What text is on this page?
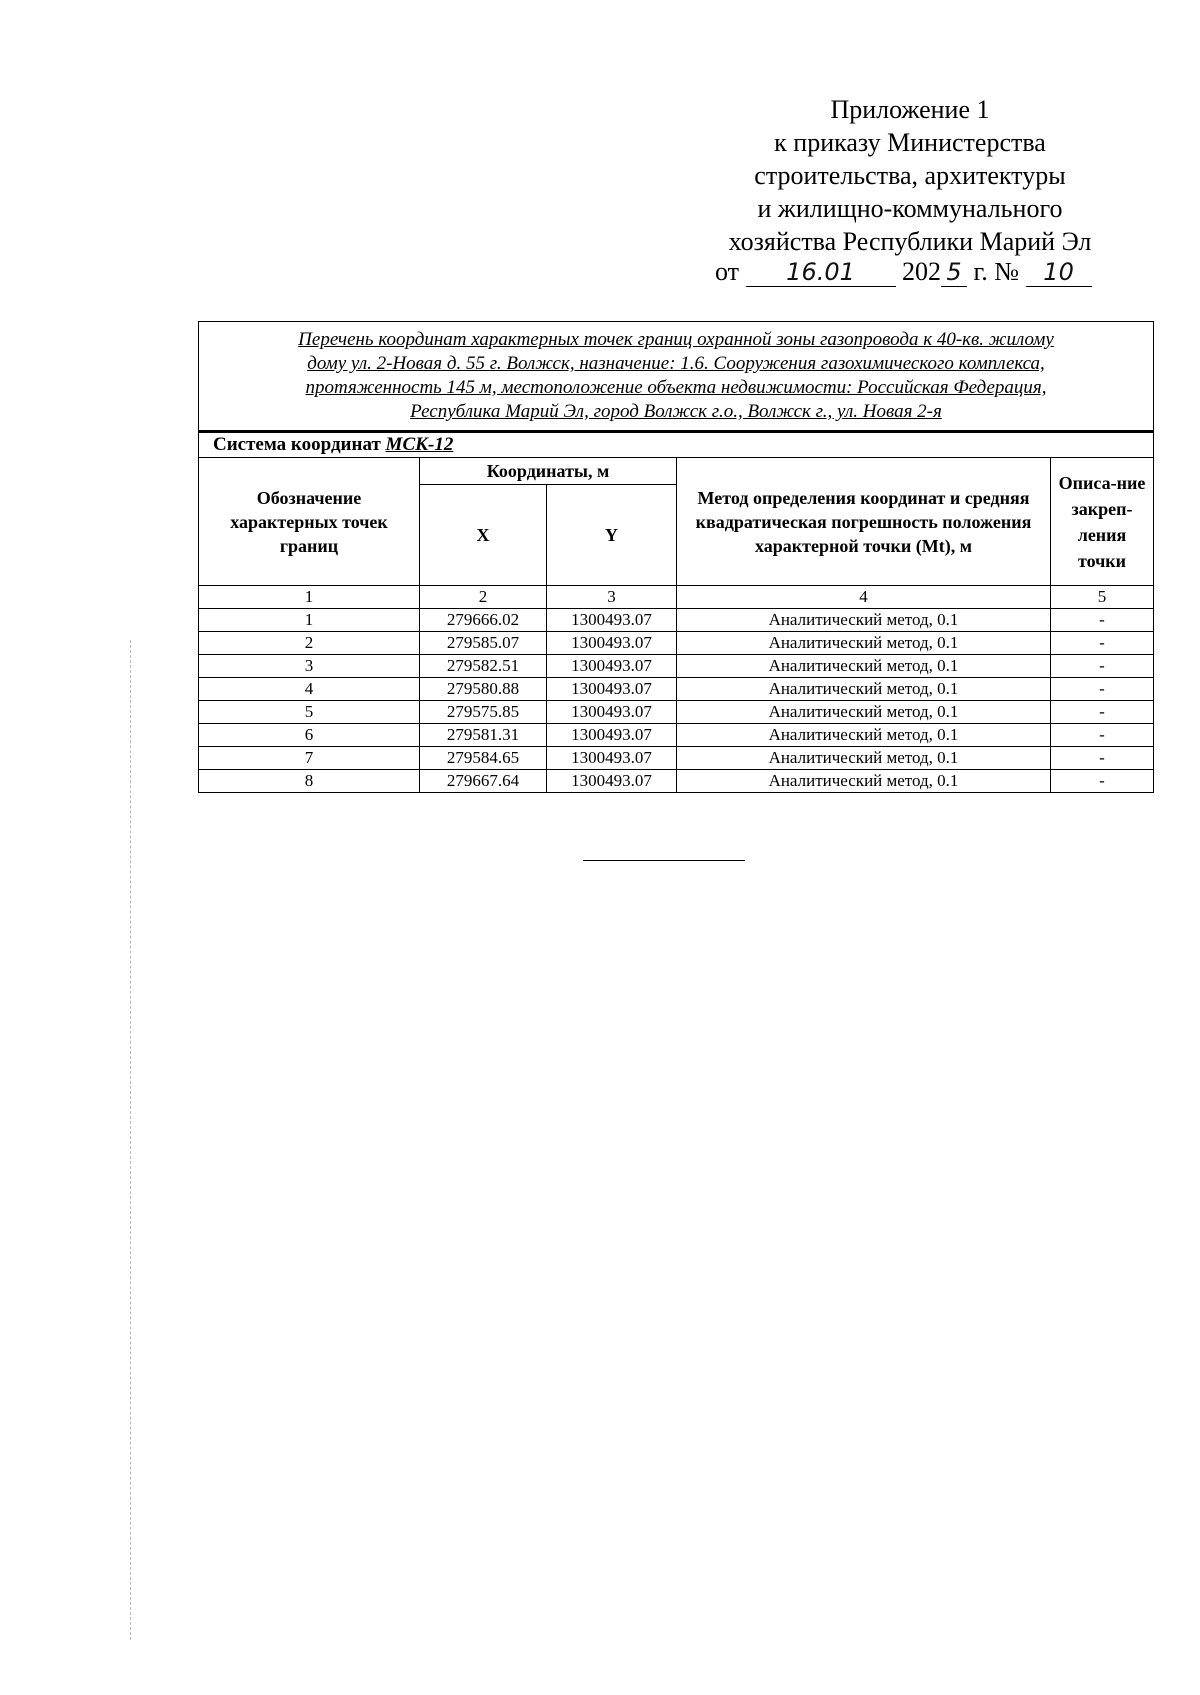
Приложение 1
к приказу Министерства
строительства, архитектуры
и жилищно-коммунального
хозяйства Республики Марий Эл
от 16.01 202 5 г. № 10
Перечень координат характерных точек границ охранной зоны газопровода к 40-кв. жилому
дому ул. 2-Новая д. 55 г. Волжск, назначение: 1.6. Сооружения газохимического комплекса,
протяженность 145 м, местоположение объекта недвижимости: Российская Федерация,
Республика Марий Эл, город Волжск г.о., Волжск г., ул. Новая 2-я				

Система координат МСК-12				
Обозначение характерных точек границ	Координаты, м		Метод определения координат и средняя квадратическая погрешность положения характерной точки (Mt), м	Описа-ние закреп-ления точки
	X	Y		
1	2	3	4	5
1	279666.02	1300493.07	Аналитический метод, 0.1	-
2	279585.07	1300493.07	Аналитический метод, 0.1	-
3	279582.51	1300493.07	Аналитический метод, 0.1	-
4	279580.88	1300493.07	Аналитический метод, 0.1	-
5	279575.85	1300493.07	Аналитический метод, 0.1	-
6	279581.31	1300493.07	Аналитический метод, 0.1	-
7	279584.65	1300493.07	Аналитический метод, 0.1	-
8	279667.64	1300493.07	Аналитический метод, 0.1	-
